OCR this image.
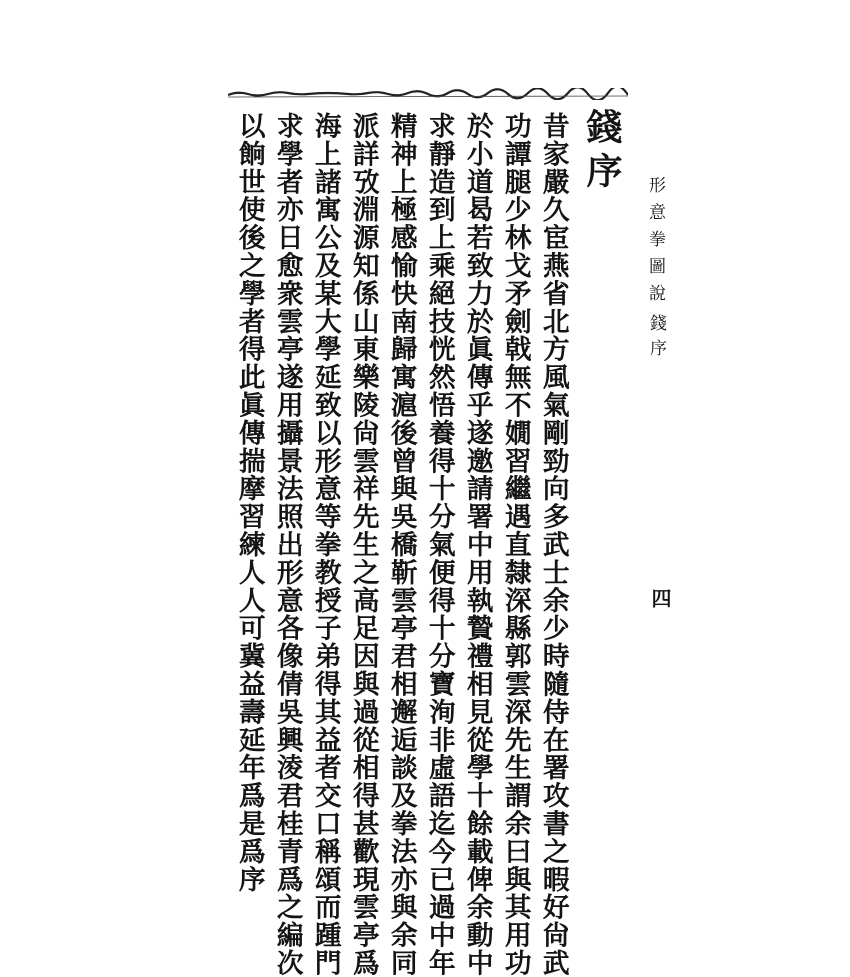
形意拳圖說
錢序
四
錢序
昔家嚴久宦燕省北方風氣剛勁向多武士余少時隨侍在署攻書之暇好尙武
功譚腿少林戈矛劍戟無不嫺習繼遇直隸深縣郭雲深先生謂余曰與其用功
於小道曷若致力於眞傳乎遂邀請署中用執贄禮相見從學十餘載俾余動中
求靜造到上乘絕技恍然悟養得十分氣便得十分寶洵非虛語迄今已過中年
精神上極感愉快南歸寓滬後曾與吳橋靳雲亭君相邂逅談及拳法亦與余同
派詳攷淵源知係山東樂陵尙雲祥先生之高足因與過從相得甚歡現雲亭爲
海上諸寓公及某大學延致以形意等拳教授子弟得其益者交口稱頌而踵門
求學者亦日愈衆雲亭遂用攝景法照出形意各像倩吳興淩君桂青爲之編次
以餉世使後之學者得此眞傳揣摩習練人人可冀益壽延年爲是爲序
